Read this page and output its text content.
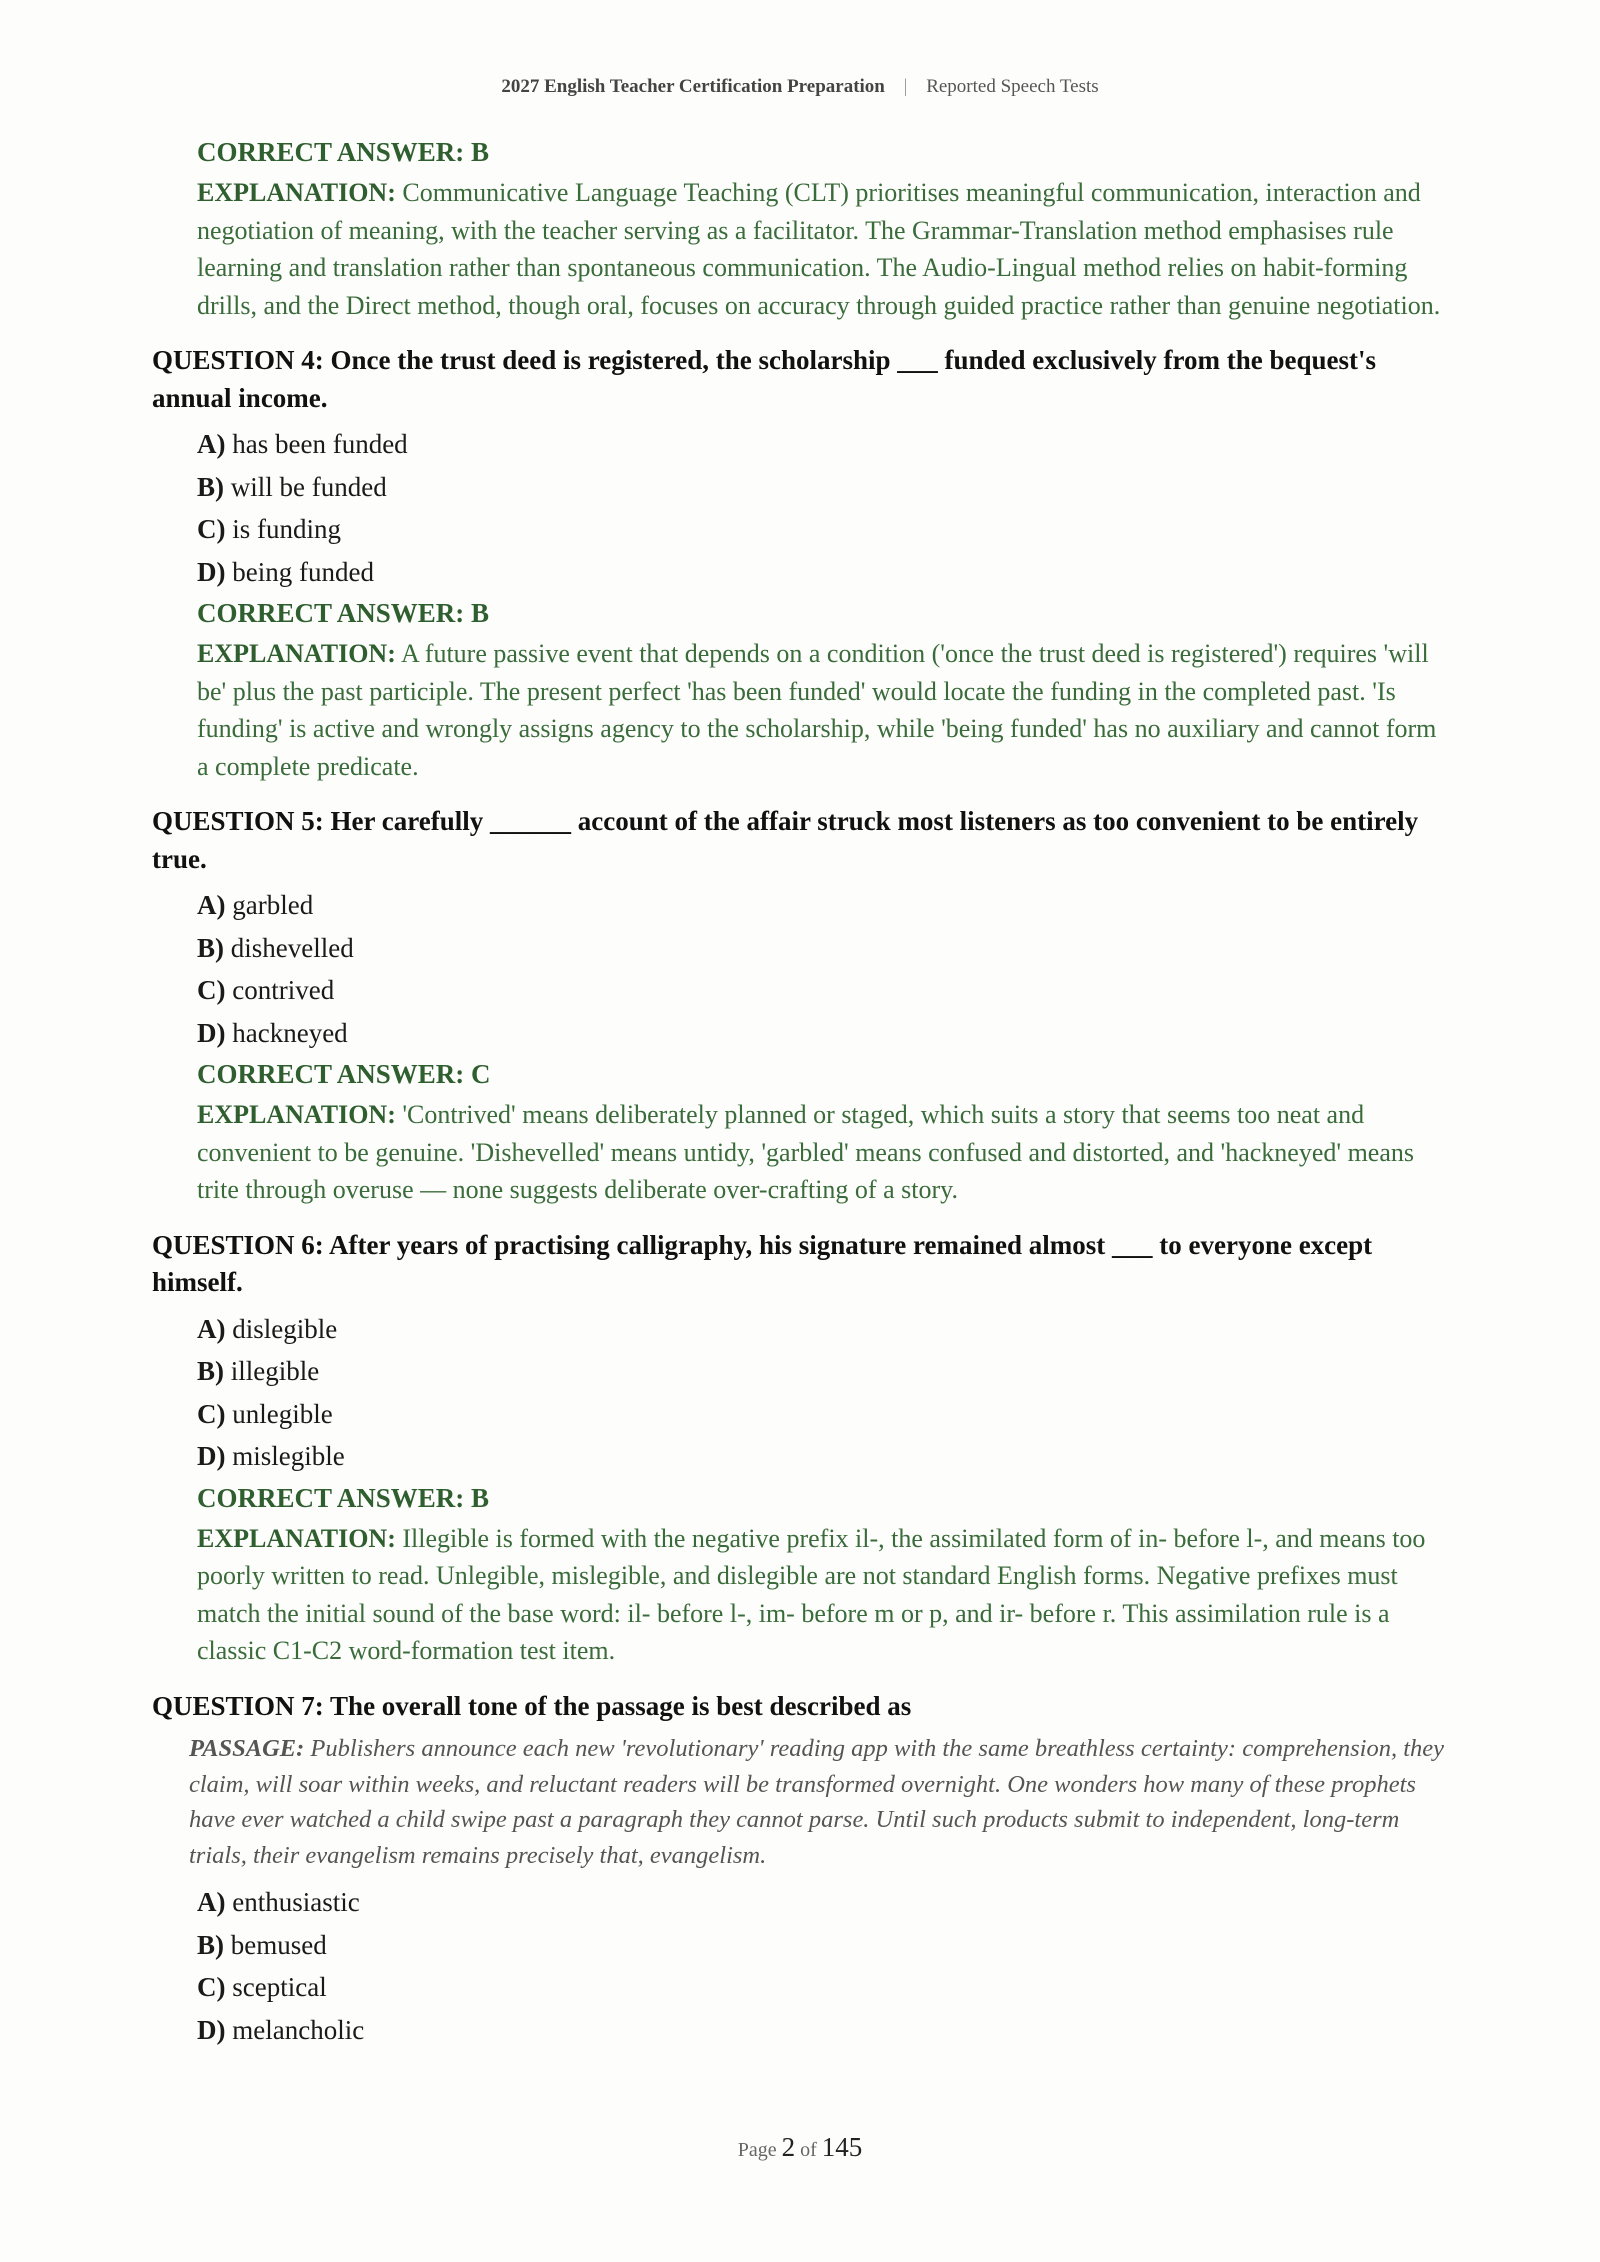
2027 English Teacher Certification Preparation | Reported Speech Tests
CORRECT ANSWER: B
EXPLANATION: Communicative Language Teaching (CLT) prioritises meaningful communication, interaction and negotiation of meaning, with the teacher serving as a facilitator. The Grammar-Translation method emphasises rule learning and translation rather than spontaneous communication. The Audio-Lingual method relies on habit-forming drills, and the Direct method, though oral, focuses on accuracy through guided practice rather than genuine negotiation.
QUESTION 4: Once the trust deed is registered, the scholarship ___ funded exclusively from the bequest's annual income.
A) has been funded
B) will be funded
C) is funding
D) being funded
CORRECT ANSWER: B
EXPLANATION: A future passive event that depends on a condition ('once the trust deed is registered') requires 'will be' plus the past participle. The present perfect 'has been funded' would locate the funding in the completed past. 'Is funding' is active and wrongly assigns agency to the scholarship, while 'being funded' has no auxiliary and cannot form a complete predicate.
QUESTION 5: Her carefully ______ account of the affair struck most listeners as too convenient to be entirely true.
A) garbled
B) dishevelled
C) contrived
D) hackneyed
CORRECT ANSWER: C
EXPLANATION: 'Contrived' means deliberately planned or staged, which suits a story that seems too neat and convenient to be genuine. 'Dishevelled' means untidy, 'garbled' means confused and distorted, and 'hackneyed' means trite through overuse — none suggests deliberate over-crafting of a story.
QUESTION 6: After years of practising calligraphy, his signature remained almost ___ to everyone except himself.
A) dislegible
B) illegible
C) unlegible
D) mislegible
CORRECT ANSWER: B
EXPLANATION: Illegible is formed with the negative prefix il-, the assimilated form of in- before l-, and means too poorly written to read. Unlegible, mislegible, and dislegible are not standard English forms. Negative prefixes must match the initial sound of the base word: il- before l-, im- before m or p, and ir- before r. This assimilation rule is a classic C1-C2 word-formation test item.
QUESTION 7: The overall tone of the passage is best described as
PASSAGE: Publishers announce each new 'revolutionary' reading app with the same breathless certainty: comprehension, they claim, will soar within weeks, and reluctant readers will be transformed overnight. One wonders how many of these prophets have ever watched a child swipe past a paragraph they cannot parse. Until such products submit to independent, long-term trials, their evangelism remains precisely that, evangelism.
A) enthusiastic
B) bemused
C) sceptical
D) melancholic
Page 2 of 145
